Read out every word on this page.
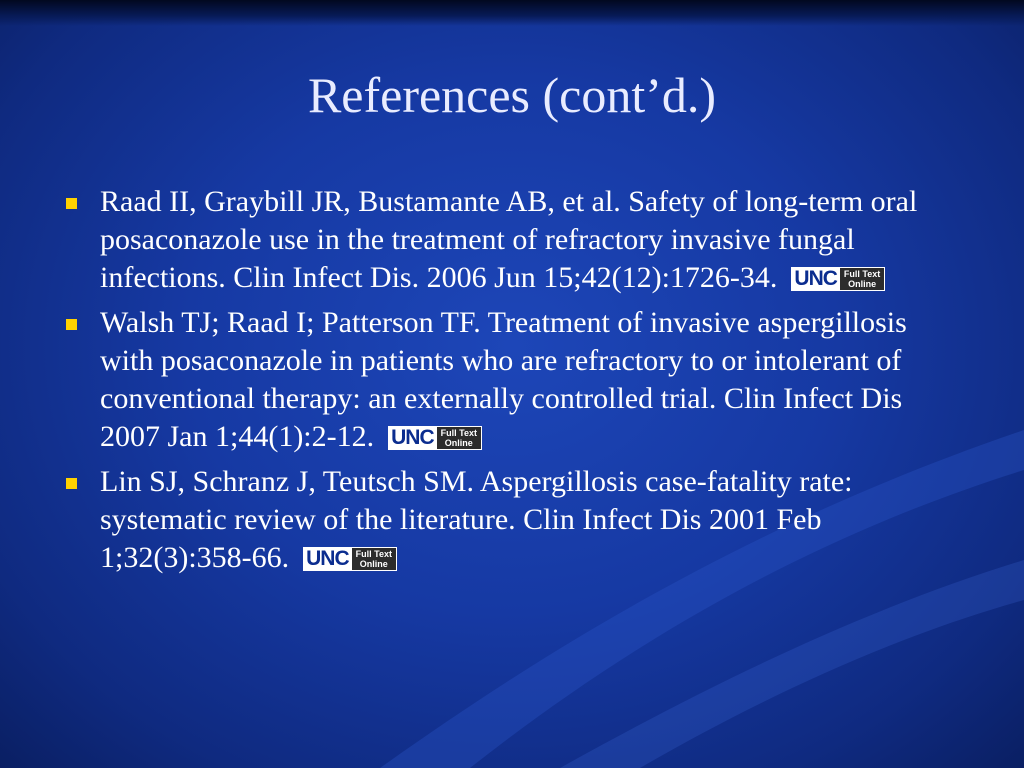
References (cont’d.)
Raad II, Graybill JR, Bustamante AB, et al. Safety of long-term oral posaconazole use in the treatment of refractory invasive fungal infections. Clin Infect Dis. 2006 Jun 15;42(12):1726-34. UNC Full Text
Online
Walsh TJ; Raad I; Patterson TF. Treatment of invasive aspergillosis with posaconazole in patients who are refractory to or intolerant of conventional therapy: an externally controlled trial. Clin Infect Dis 2007 Jan 1;44(1):2-12. UNC Full Text
Online
Lin SJ, Schranz J, Teutsch SM. Aspergillosis case-fatality rate: systematic review of the literature. Clin Infect Dis 2001 Feb 1;32(3):358-66. UNC Full Text
Online
